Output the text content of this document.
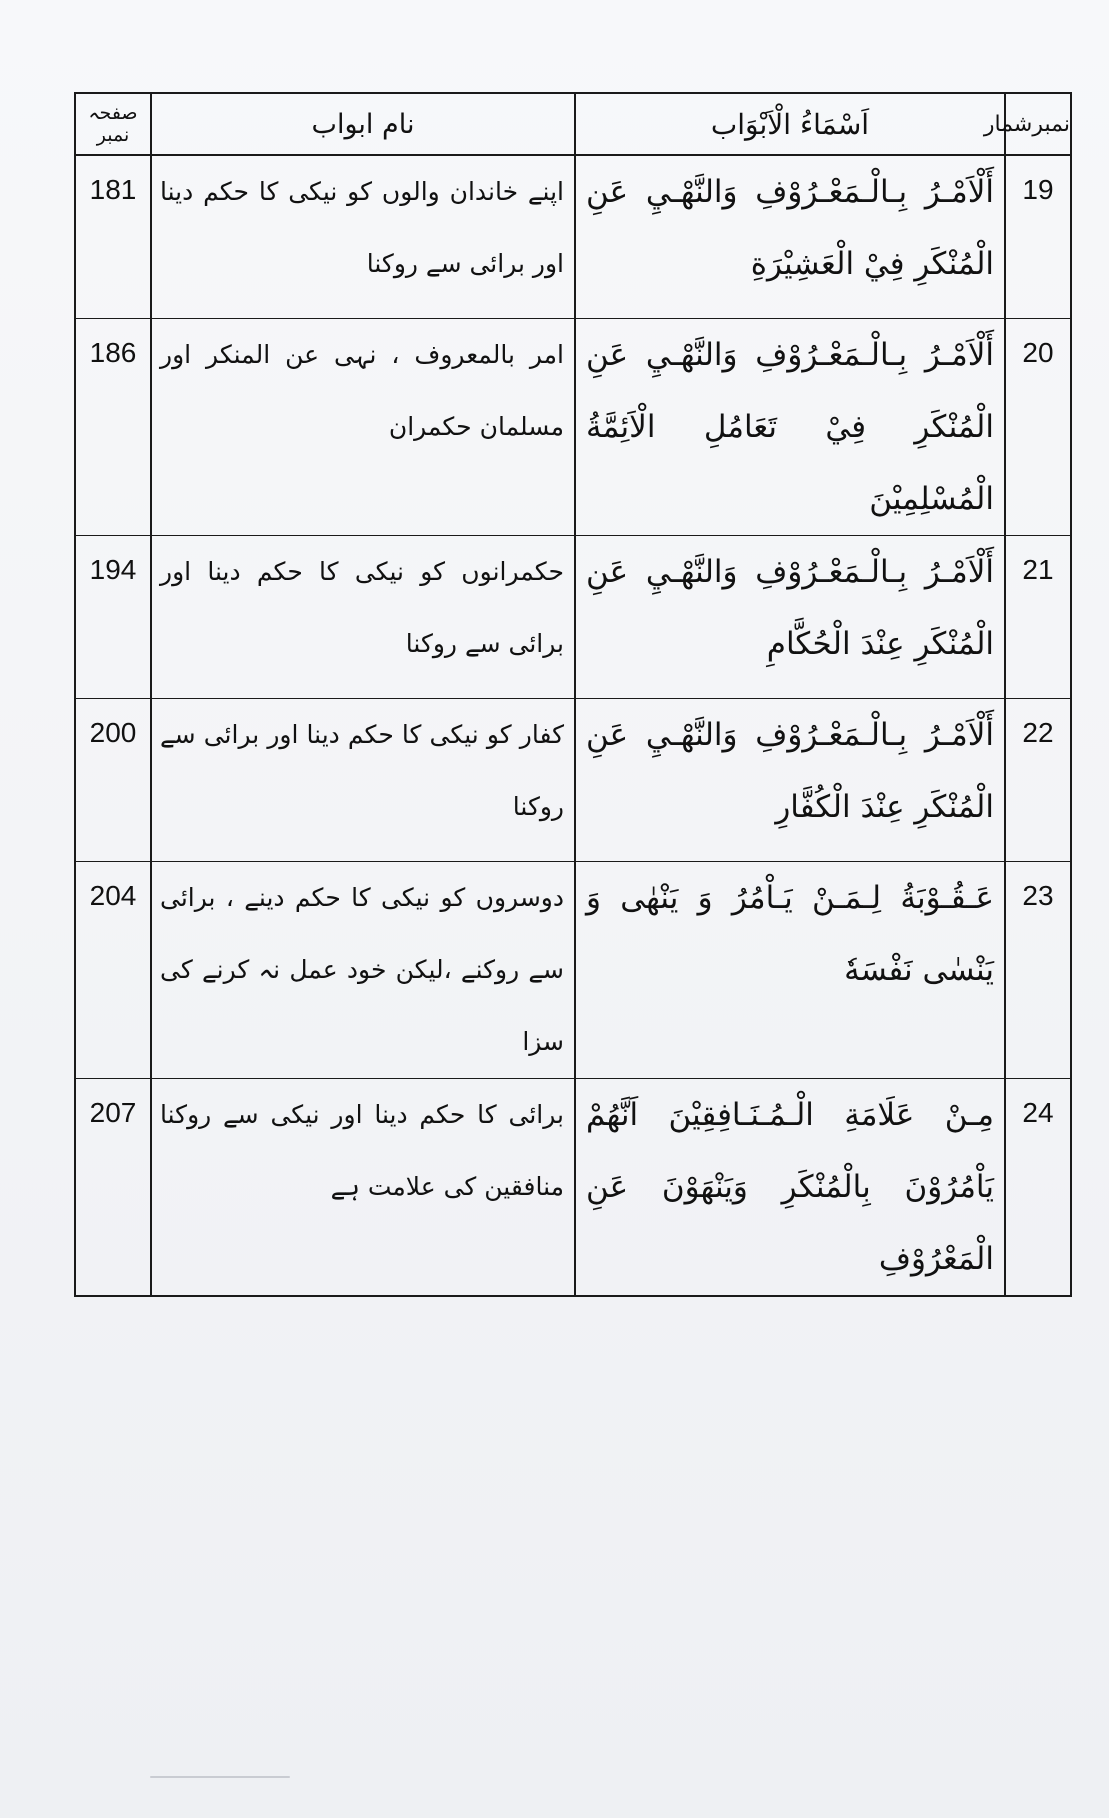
نمبرشمار	اَسْمَاءُ الْاَبْوَاب	نام ابواب	صفحہ نمبر
19	أَلْاَمْـرُ بِـالْـمَعْـرُوْفِ وَالنَّهْـيِ عَنِ الْمُنْكَرِ فِيْ الْعَشِيْرَةِ	اپنے خاندان والوں کو نیکی کا حکم دینا اور برائی سے روکنا	181
20	أَلْاَمْـرُ بِـالْـمَعْـرُوْفِ وَالنَّهْـيِ عَنِ الْمُنْكَرِ فِيْ تَعَامُلِ الْاَئِمَّةُ الْمُسْلِمِيْنَ	امر بالمعروف ، نہی عن المنکر اور مسلمان حکمران	186
21	أَلْاَمْـرُ بِـالْـمَعْـرُوْفِ وَالنَّهْـيِ عَنِ الْمُنْكَرِ عِنْدَ الْحُكَّامِ	حکمرانوں کو نیکی کا حکم دینا اور برائی سے روکنا	194
22	أَلْاَمْـرُ بِـالْـمَعْـرُوْفِ وَالنَّهْـيِ عَنِ الْمُنْكَرِ عِنْدَ الْكُفَّارِ	کفار کو نیکی کا حکم دینا اور برائی سے روکنا	200
23	عَـقُـوْبَةُ لِـمَـنْ يَـاْمُرُ وَ يَنْهٰى وَ يَنْسٰى نَفْسَهٗ	دوسروں کو نیکی کا حکم دینے ، برائی سے روکنے ،لیکن خود عمل نہ کرنے کی سزا	204
24	مِـنْ عَلَامَةِ الْـمُـنَـافِقِيْنَ اَنَّهُمْ يَاْمُرُوْنَ بِالْمُنْكَرِ وَيَنْهَوْنَ عَنِ الْمَعْرُوْفِ	برائی کا حکم دینا اور نیکی سے روکنا منافقین کی علامت ہے	207
